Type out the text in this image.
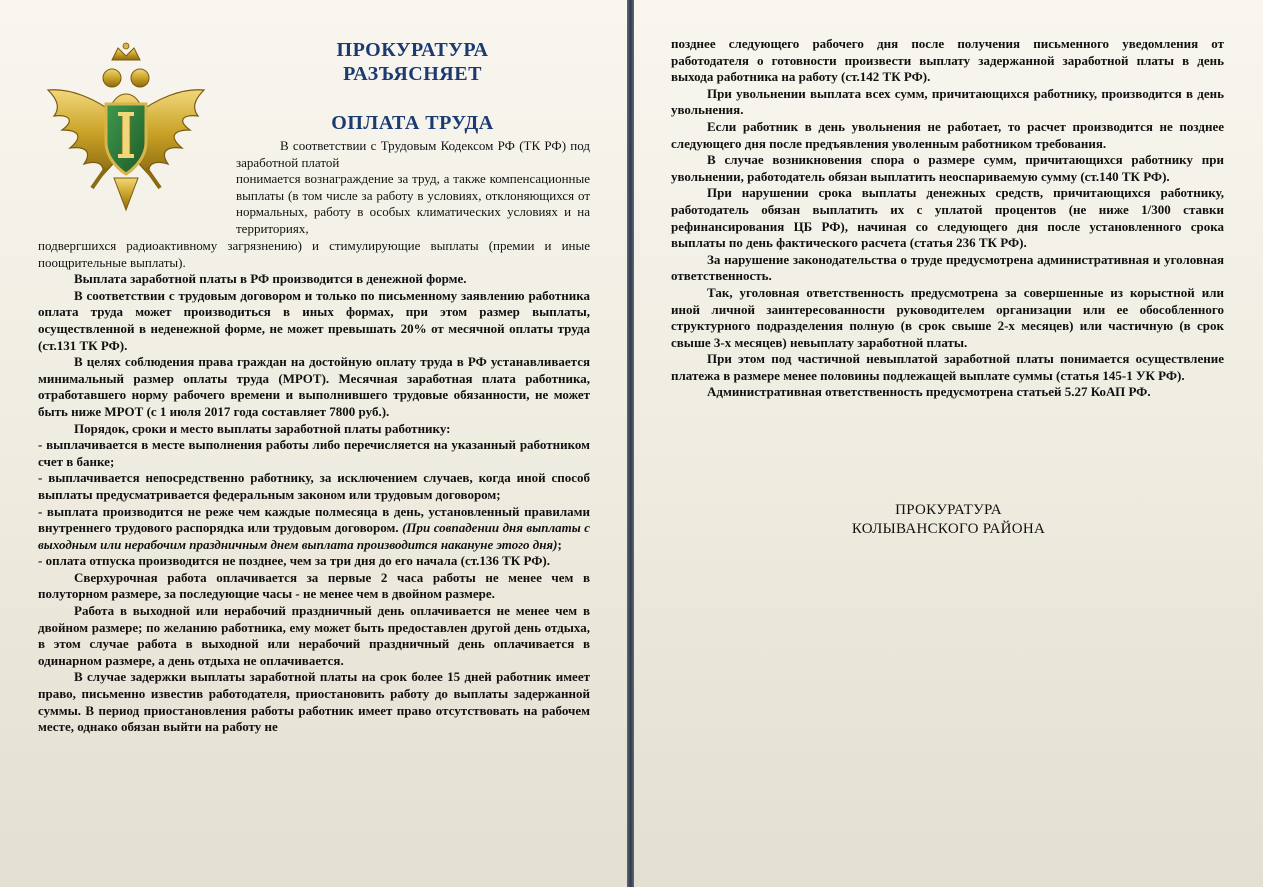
ПРОКУРАТУРА
РАЗЪЯСНЯЕТ
ОПЛАТА ТРУДА

В соответствии с Трудовым Кодексом РФ (ТК РФ) под заработной платой

понимается вознаграждение за труд, а также компенсационные выплаты (в том числе за работу в условиях, отклоняющихся от нормальных, работу в особых климатических условиях и на территориях,

подвергшихся радиоактивному загрязнению) и стимулирующие выплаты (премии и иные поощрительные выплаты).

Выплата заработной платы в РФ производится в денежной форме.

В соответствии с трудовым договором и только по письменному заявлению работника оплата труда может производиться в иных формах, при этом размер выплаты, осуществленной в неденежной форме, не может превышать 20% от месячной оплаты труда (ст.131 ТК РФ).

В целях соблюдения права граждан на достойную оплату труда в РФ устанавливается минимальный размер оплаты труда (МРОТ). Месячная заработная плата работника, отработавшего норму рабочего времени и выполнившего трудовые обязанности, не может быть ниже МРОТ (с 1 июля 2017 года составляет 7800 руб.).

Порядок, сроки и место выплаты заработной платы работнику:

- выплачивается в месте выполнения работы либо перечисляется на указанный работником счет в банке;

- выплачивается непосредственно работнику, за исключением случаев, когда иной способ выплаты предусматривается федеральным законом или трудовым договором;

- выплата производится не реже чем каждые полмесяца в день, установленный правилами внутреннего трудового распорядка или трудовым договором. (При совпадении дня выплаты с выходным или нерабочим праздничным днем выплата производится накануне этого дня);

- оплата отпуска производится не позднее, чем за три дня до его начала (ст.136 ТК РФ).

Сверхурочная работа оплачивается за первые 2 часа работы не менее чем в полуторном размере, за последующие часы - не менее чем в двойном размере.

Работа в выходной или нерабочий праздничный день оплачивается не менее чем в двойном размере; по желанию работника, ему может быть предоставлен другой день отдыха, в этом случае работа в выходной или нерабочий праздничный день оплачивается в одинарном размере, а день отдыха не оплачивается.

В случае задержки выплаты заработной платы на срок более 15 дней работник имеет право, письменно известив работодателя, приостановить работу до выплаты задержанной суммы. В период приостановления работы работник имеет право отсутствовать на рабочем месте, однако обязан выйти на работу не

позднее следующего рабочего дня после получения письменного уведомления от работодателя о готовности произвести выплату задержанной заработной платы в день выхода работника на работу (ст.142 ТК РФ).

При увольнении выплата всех сумм, причитающихся работнику, производится в день увольнения.

Если работник в день увольнения не работает, то расчет производится не позднее следующего дня после предъявления уволенным работником требования.

В случае возникновения спора о размере сумм, причитающихся работнику при увольнении, работодатель обязан выплатить неоспариваемую сумму (ст.140 ТК РФ).

При нарушении срока выплаты денежных средств, причитающихся работнику, работодатель обязан выплатить их с уплатой процентов (не ниже 1/300 ставки рефинансирования ЦБ РФ), начиная со следующего дня после установленного срока выплаты по день фактического расчета (статья 236 ТК РФ).

За нарушение законодательства о труде предусмотрена административная и уголовная ответственность.

Так, уголовная ответственность предусмотрена за совершенные из корыстной или иной личной заинтересованности руководителем организации или ее обособленного структурного подразделения полную (в срок свыше 2-х месяцев) или частичную (в срок свыше 3-х месяцев) невыплату заработной платы.

При этом под частичной невыплатой заработной платы понимается осуществление платежа в размере менее половины подлежащей выплате суммы (статья 145-1 УК РФ).

Административная ответственность предусмотрена статьей 5.27 КоАП РФ.

ПРОКУРАТУРА
КОЛЫВАНСКОГО РАЙОНА
